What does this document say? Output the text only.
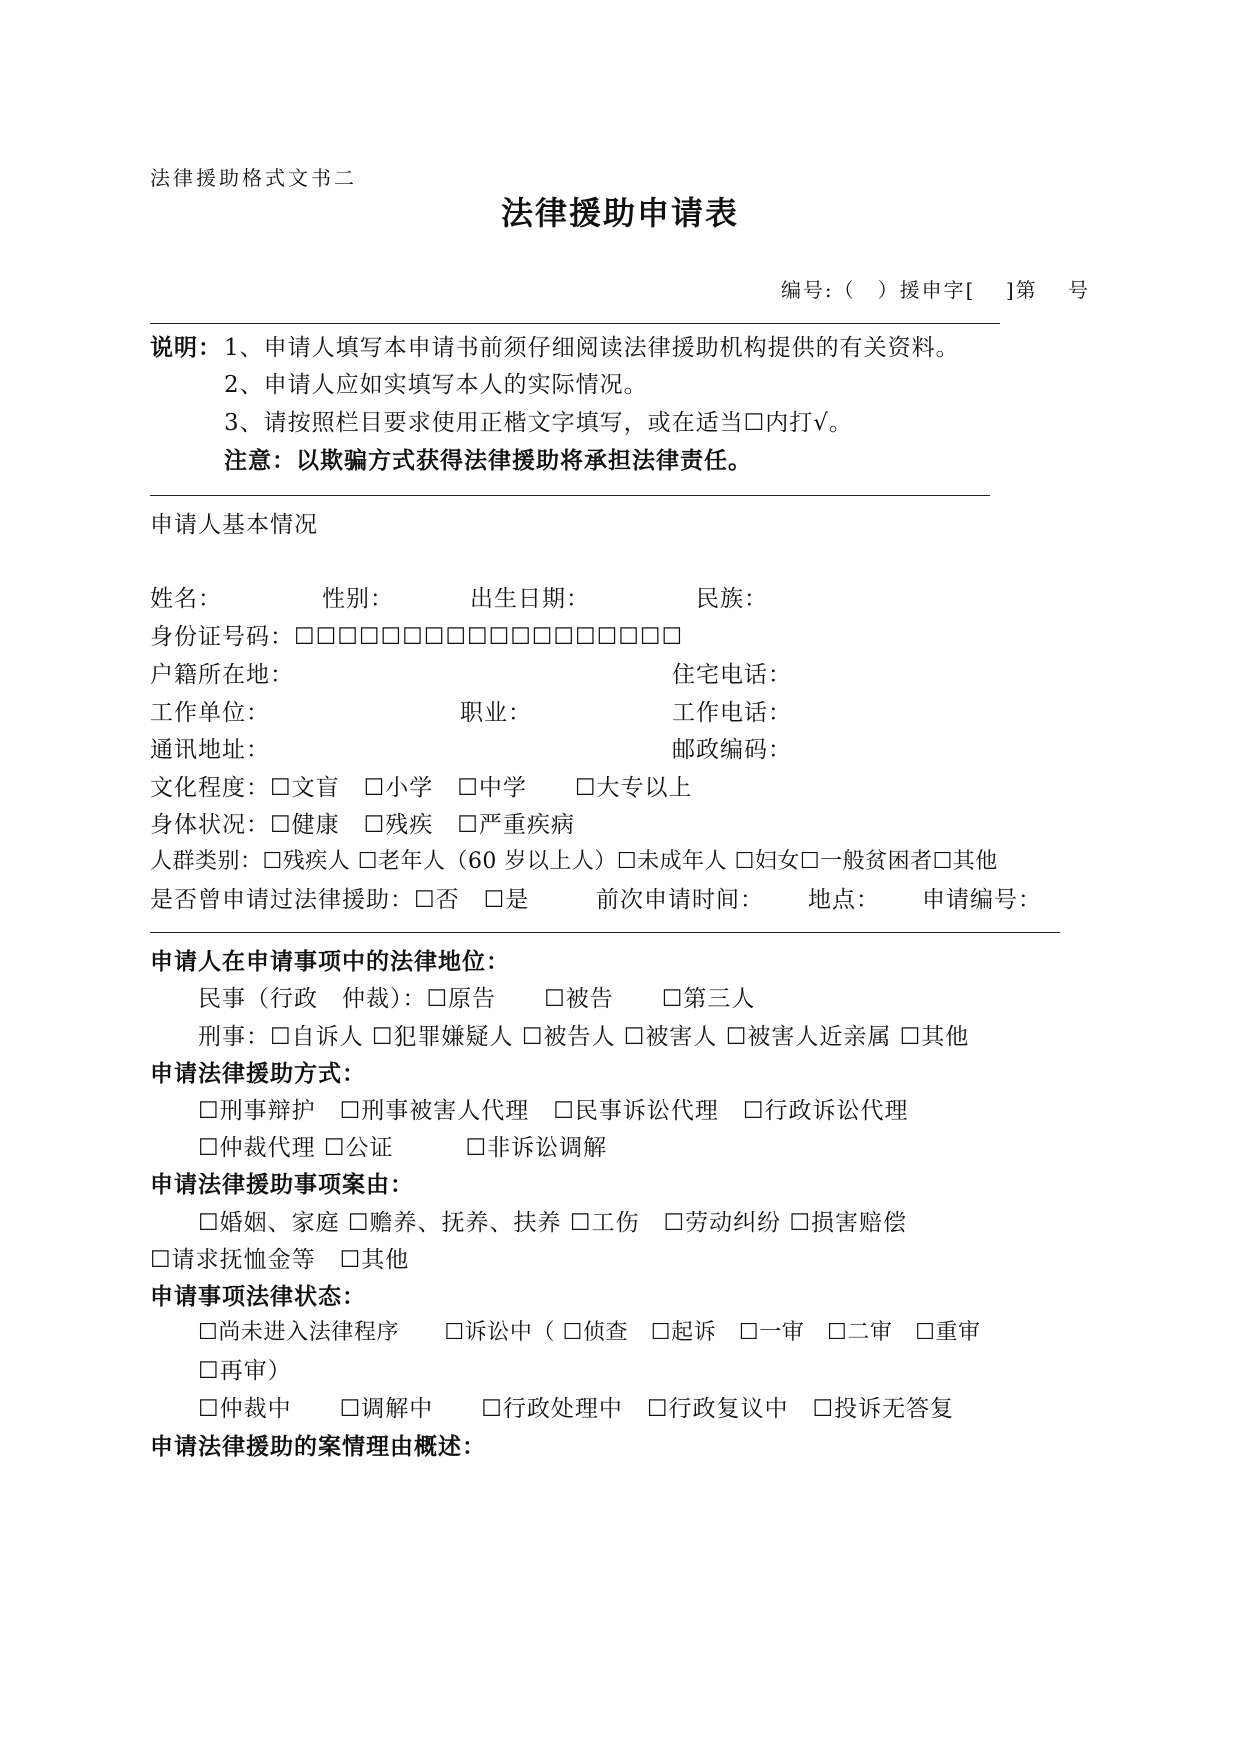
法律援助格式文书二
法律援助申请表
编号:（　）援申字[　 ]第　 号
说明： 1、申请人填写本申请书前须仔细阅读法律援助机构提供的有关资料。
2、申请人应如实填写本人的实际情况。
3、请按照栏目要求使用正楷文字填写，或在适当☐内打√。
注意：以欺骗方式获得法律援助将承担法律责任。
申请人基本情况
姓名：	性别：	出生日期：	民族：
身份证号码：☐☐☐☐☐☐☐☐☐☐☐☐☐☐☐☐☐☐
户籍所在地：	住宅电话：
工作单位：	职业：	工作电话：
通讯地址：	邮政编码：
文化程度：☐文盲　☐小学　☐中学　　☐大专以上
身体状况：☐健康　☐残疾　☐严重疾病
人群类别：☐残疾人 ☐老年人（60 岁以上人）☐未成年人 ☐妇女☐一般贫困者☐其他
是否曾申请过法律援助：☐否　☐是	前次申请时间： 地点： 申请编号：
申请人在申请事项中的法律地位：
民事（行政　仲裁）：☐原告　　☐被告　　☐第三人
刑事：☐自诉人 ☐犯罪嫌疑人 ☐被告人 ☐被害人 ☐被害人近亲属 ☐其他
申请法律援助方式：
☐刑事辩护　☐刑事被害人代理　☐民事诉讼代理　☐行政诉讼代理
☐仲裁代理 ☐公证　　　☐非诉讼调解
申请法律援助事项案由：
☐婚姻、家庭 ☐赡养、抚养、扶养 ☐工伤　☐劳动纠纷 ☐损害赔偿
☐请求抚恤金等　☐其他
申请事项法律状态：
☐尚未进入法律程序　　☐诉讼中（ ☐侦查　☐起诉　☐一审　☐二审　☐重审
☐再审）
☐仲裁中　　☐调解中　　☐行政处理中　☐行政复议中　☐投诉无答复
申请法律援助的案情理由概述：
